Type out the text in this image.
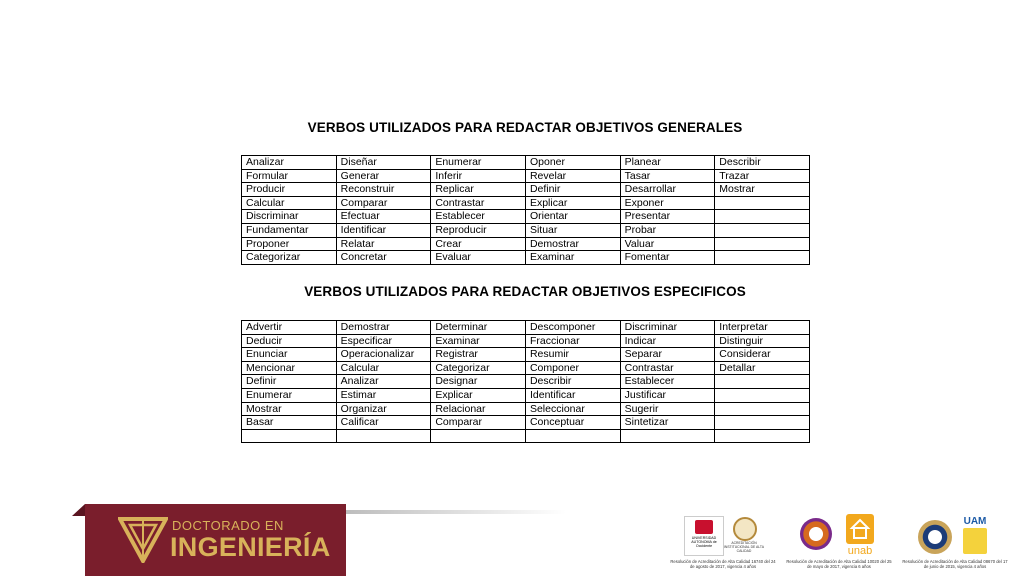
VERBOS UTILIZADOS PARA REDACTAR OBJETIVOS GENERALES
Analizar	Diseñar	Enumerar	Oponer	Planear	Describir
Formular	Generar	Inferir	Revelar	Tasar	Trazar
Producir	Reconstruir	Replicar	Definir	Desarrollar	Mostrar
Calcular	Comparar	Contrastar	Explicar	Exponer	
Discriminar	Efectuar	Establecer	Orientar	Presentar	
Fundamentar	Identificar	Reproducir	Situar	Probar	
Proponer	Relatar	Crear	Demostrar	Valuar	
Categorizar	Concretar	Evaluar	Examinar	Fomentar	
VERBOS UTILIZADOS PARA REDACTAR OBJETIVOS ESPECIFICOS
Advertir	Demostrar	Determinar	Descomponer	Discriminar	Interpretar
Deducir	Especificar	Examinar	Fraccionar	Indicar	Distinguir
Enunciar	Operacionalizar	Registrar	Resumir	Separar	Considerar
Mencionar	Calcular	Categorizar	Componer	Contrastar	Detallar
Definir	Analizar	Designar	Describir	Establecer	
Enumerar	Estimar	Explicar	Identificar	Justificar	
Mostrar	Organizar	Relacionar	Seleccionar	Sugerir	
Basar	Calificar	Comparar	Conceptuar	Sintetizar	

DOCTORADO EN
INGENIERÍA	UNIVERSIDAD AUTONOMA de Occidente
ACREDITACIÓN INSTITUCIONAL DE ALTA CALIDAD
Resolución de Acreditación de Alta Calidad 16740 del 24 de agosto de 2017, vigencia 4 años
unab
Resolución de Acreditación de Alta Calidad 10020 del 25 de mayo de 2017, vigencia 6 años
UAM
Resolución de Acreditación de Alta Calidad 08670 del 17 de junio de 2015, vigencia 4 años
